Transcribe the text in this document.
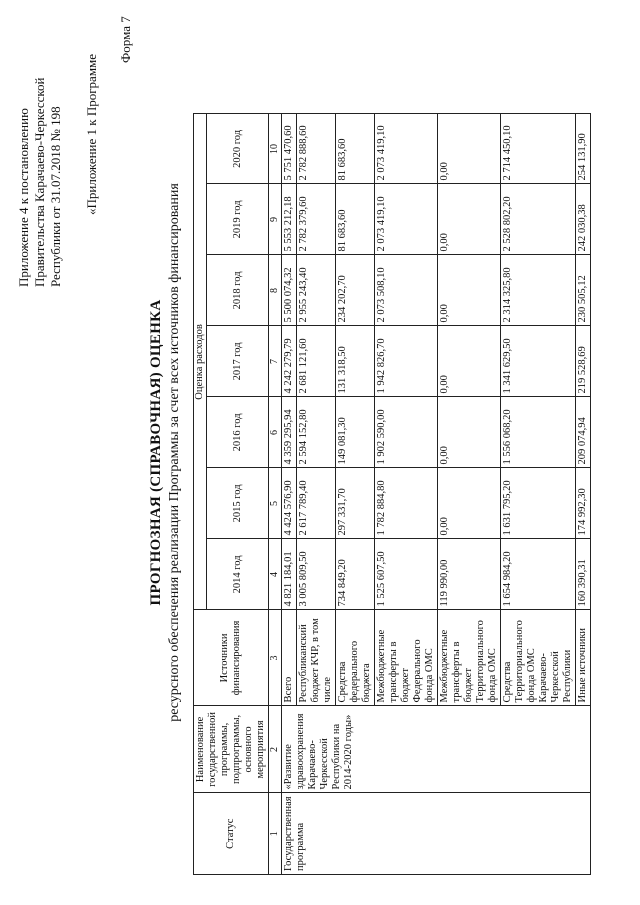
Приложение 4 к постановлению Правительства Карачаево-Черкесской Республики от 31.07.2018 № 198 «Приложение 1 к Программе
Форма 7
ПРОГНОЗНАЯ (СПРАВОЧНАЯ) ОЦЕНКА ресурсного обеспечения реализации Программы за счет всех источников финансирования
Статус	Наименование государственной программы, подпрограммы, основного мероприятия	Источники финансирования	Оценка расходов						
			2014 год	2015 год	2016 год	2017 год	2018 год	2019 год	2020 год
1	2	3	4	5	6	7	8	9	10
Государственная программа	«Развитие здравоохранения Карачаево-Черкесской Республики на 2014-2020 годы»	Всего	4 821 184,01	4 424 576,90	4 359 295,94	4 242 279,79	5 500 074,32	5 553 212,18	5 751 470,60
		Республиканский бюджет КЧР, в том числе	3 005 809,50	2 617 789,40	2 594 152,80	2 681 121,60	2 955 243,40	2 782 379,60	2 782 888,60
		Средства федерального бюджета	734 849,20	297 331,70	149 081,30	131 318,50	234 202,70	81 683,60	81 683,60
		Межбюджетные трансферты в бюджет Федерального фонда ОМС	1 525 607,50	1 782 884,80	1 902 590,00	1 942 826,70	2 073 508,10	2 073 419,10	2 073 419,10
		Межбюджетные трансферты в бюджет Территориального фонда ОМС	119 990,00	0,00	0,00	0,00	0,00	0,00	0,00
		Средства Территориального фонда ОМС Карачаево-Черкесской Республики	1 654 984,20	1 631 795,20	1 556 068,20	1 341 629,50	2 314 325,80	2 528 802,20	2 714 450,10
		Иные источники	160 390,31	174 992,30	209 074,94	219 528,69	230 505,12	242 030,38	254 131,90
